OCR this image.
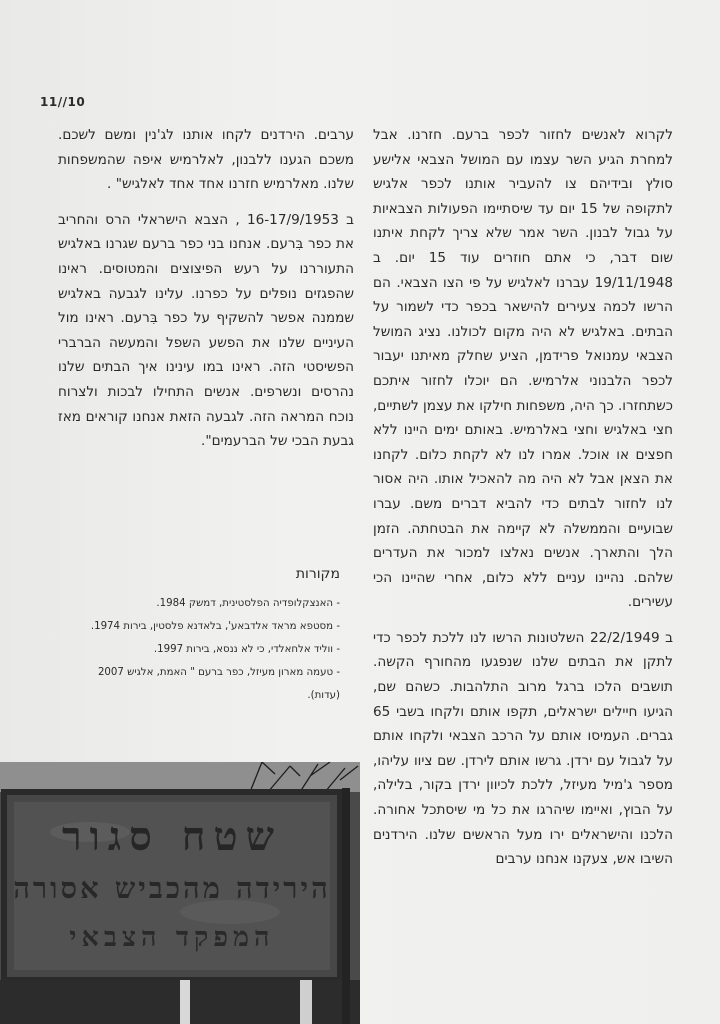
11//10

לקרוא לאנשים לחזור לכפר ברעם. חזרנו. אבל למחרת הגיע השר עצמו עם המושל הצבאי אלישע סולץ ובידיהם צו להעביר אותנו לכפר אלגיש לתקופה של 15 יום עד שיסתיימו הפעולות הצבאיות על גבול לבנון. השר אמר שלא צריך לקחת איתנו שום דבר, כי אתם חוזרים עוד 15 יום. ב 19/11/1948 עברנו לאלגיש על פי הצו הצבאי. הם הרשו לכמה צעירים להישאר בכפר כדי לשמור על הבתים. באלגיש לא היה מקום לכולנו. נציג המושל הצבאי עמנואל פרידמן, הציע שחלק מאיתנו יעבור לכפר הלבנוני אלרמיש. הם יוכלו לחזור איתכם כשתחזרו. כך היה, משפחות חילקו את עצמן לשתיים, חצי באלגיש וחצי באלרמיש. באותם ימים היינו ללא חפצים או אוכל. אמרו לנו לא לקחת כלום. לקחנו את הצאן אבל לא היה מה להאכיל אותו. היה אסור לנו לחזור לבתים כדי להביא דברים משם. עברו שבועיים והממשלה לא קיימה את הבטחתה. הזמן הלך והתארך. אנשים נאלצו למכור את העדרים שלהם. נהיינו עניים ללא כלום, אחרי שהיינו הכי עשירים.

ב 22/2/1949 השלטונות הרשו לנו ללכת לכפר כדי לתקן את הבתים שלנו שנפגעו מהחורף הקשה. תושבים הלכו ברגל מרוב התלהבות. כשהם שם, הגיעו חיילים ישראלים, תקפו אותם ולקחו בשבי 65 גברים. העמיסו אותם על הרכב הצבאי ולקחו אותם על לגבול עם ירדן. גרשו אותם לירדן. שם ציוו עליהו, מספר ג'מיל מעיזל, ללכת לכיוון ירדן בקור, בלילה, על הבוץ, ואיימו שיהרגו את כל מי שיסתכל אחורה. הלכנו והישראלים ירו מעל הראשים שלנו. הירדנים השיבו אש, צעקנו אנחנו ערבים

ערבים. הירדנים לקחו אותנו לג'נין ומשם לשכם. משכם הגענו ללבנון, לאלרמיש איפה שהמשפחות שלנו. מאלרמיש חזרנו אחד אחד לאלגיש" .

ב 16-17/9/1953 , הצבא הישראלי הרס והחריב את כפר בִּרעם. אנחנו בני כפר ברעם שגרנו באלגיש התעוררנו על רעש הפיצוצים והמטוסים. ראינו שהפגזים נופלים על כפרנו. עלינו לגבעה באלגיש שממנה אפשר להשקיף על כפר בִּרעם. ראינו מול העיניים שלנו את הפשע השפל והמעשה הברברי הפשיסטי הזה. ראינו במו עינינו איך הבתים שלנו נהרסים ונשרפים. אנשים התחילו לבכות ולצרוח נוכח המראה הזה. לגבעה הזאת אנחנו קוראים מאז גבעת הבכי של הברעמים".

מקורות
- האנצקלופדיה הפלסטינית, דמשק 1984.
- מסטפא מראד אלדבאע', בלאדנא פלסטין, בירות 1974.
- ווליד אלחאלדי, כי לא ננסא, בירות 1997.
- טעמה מארון מעיזל, כפר ברעם " האמת, אלגיש 2007 (עדות).
שטח סגור
הירידה מהכביש אסורה
המפקד הצבאי
